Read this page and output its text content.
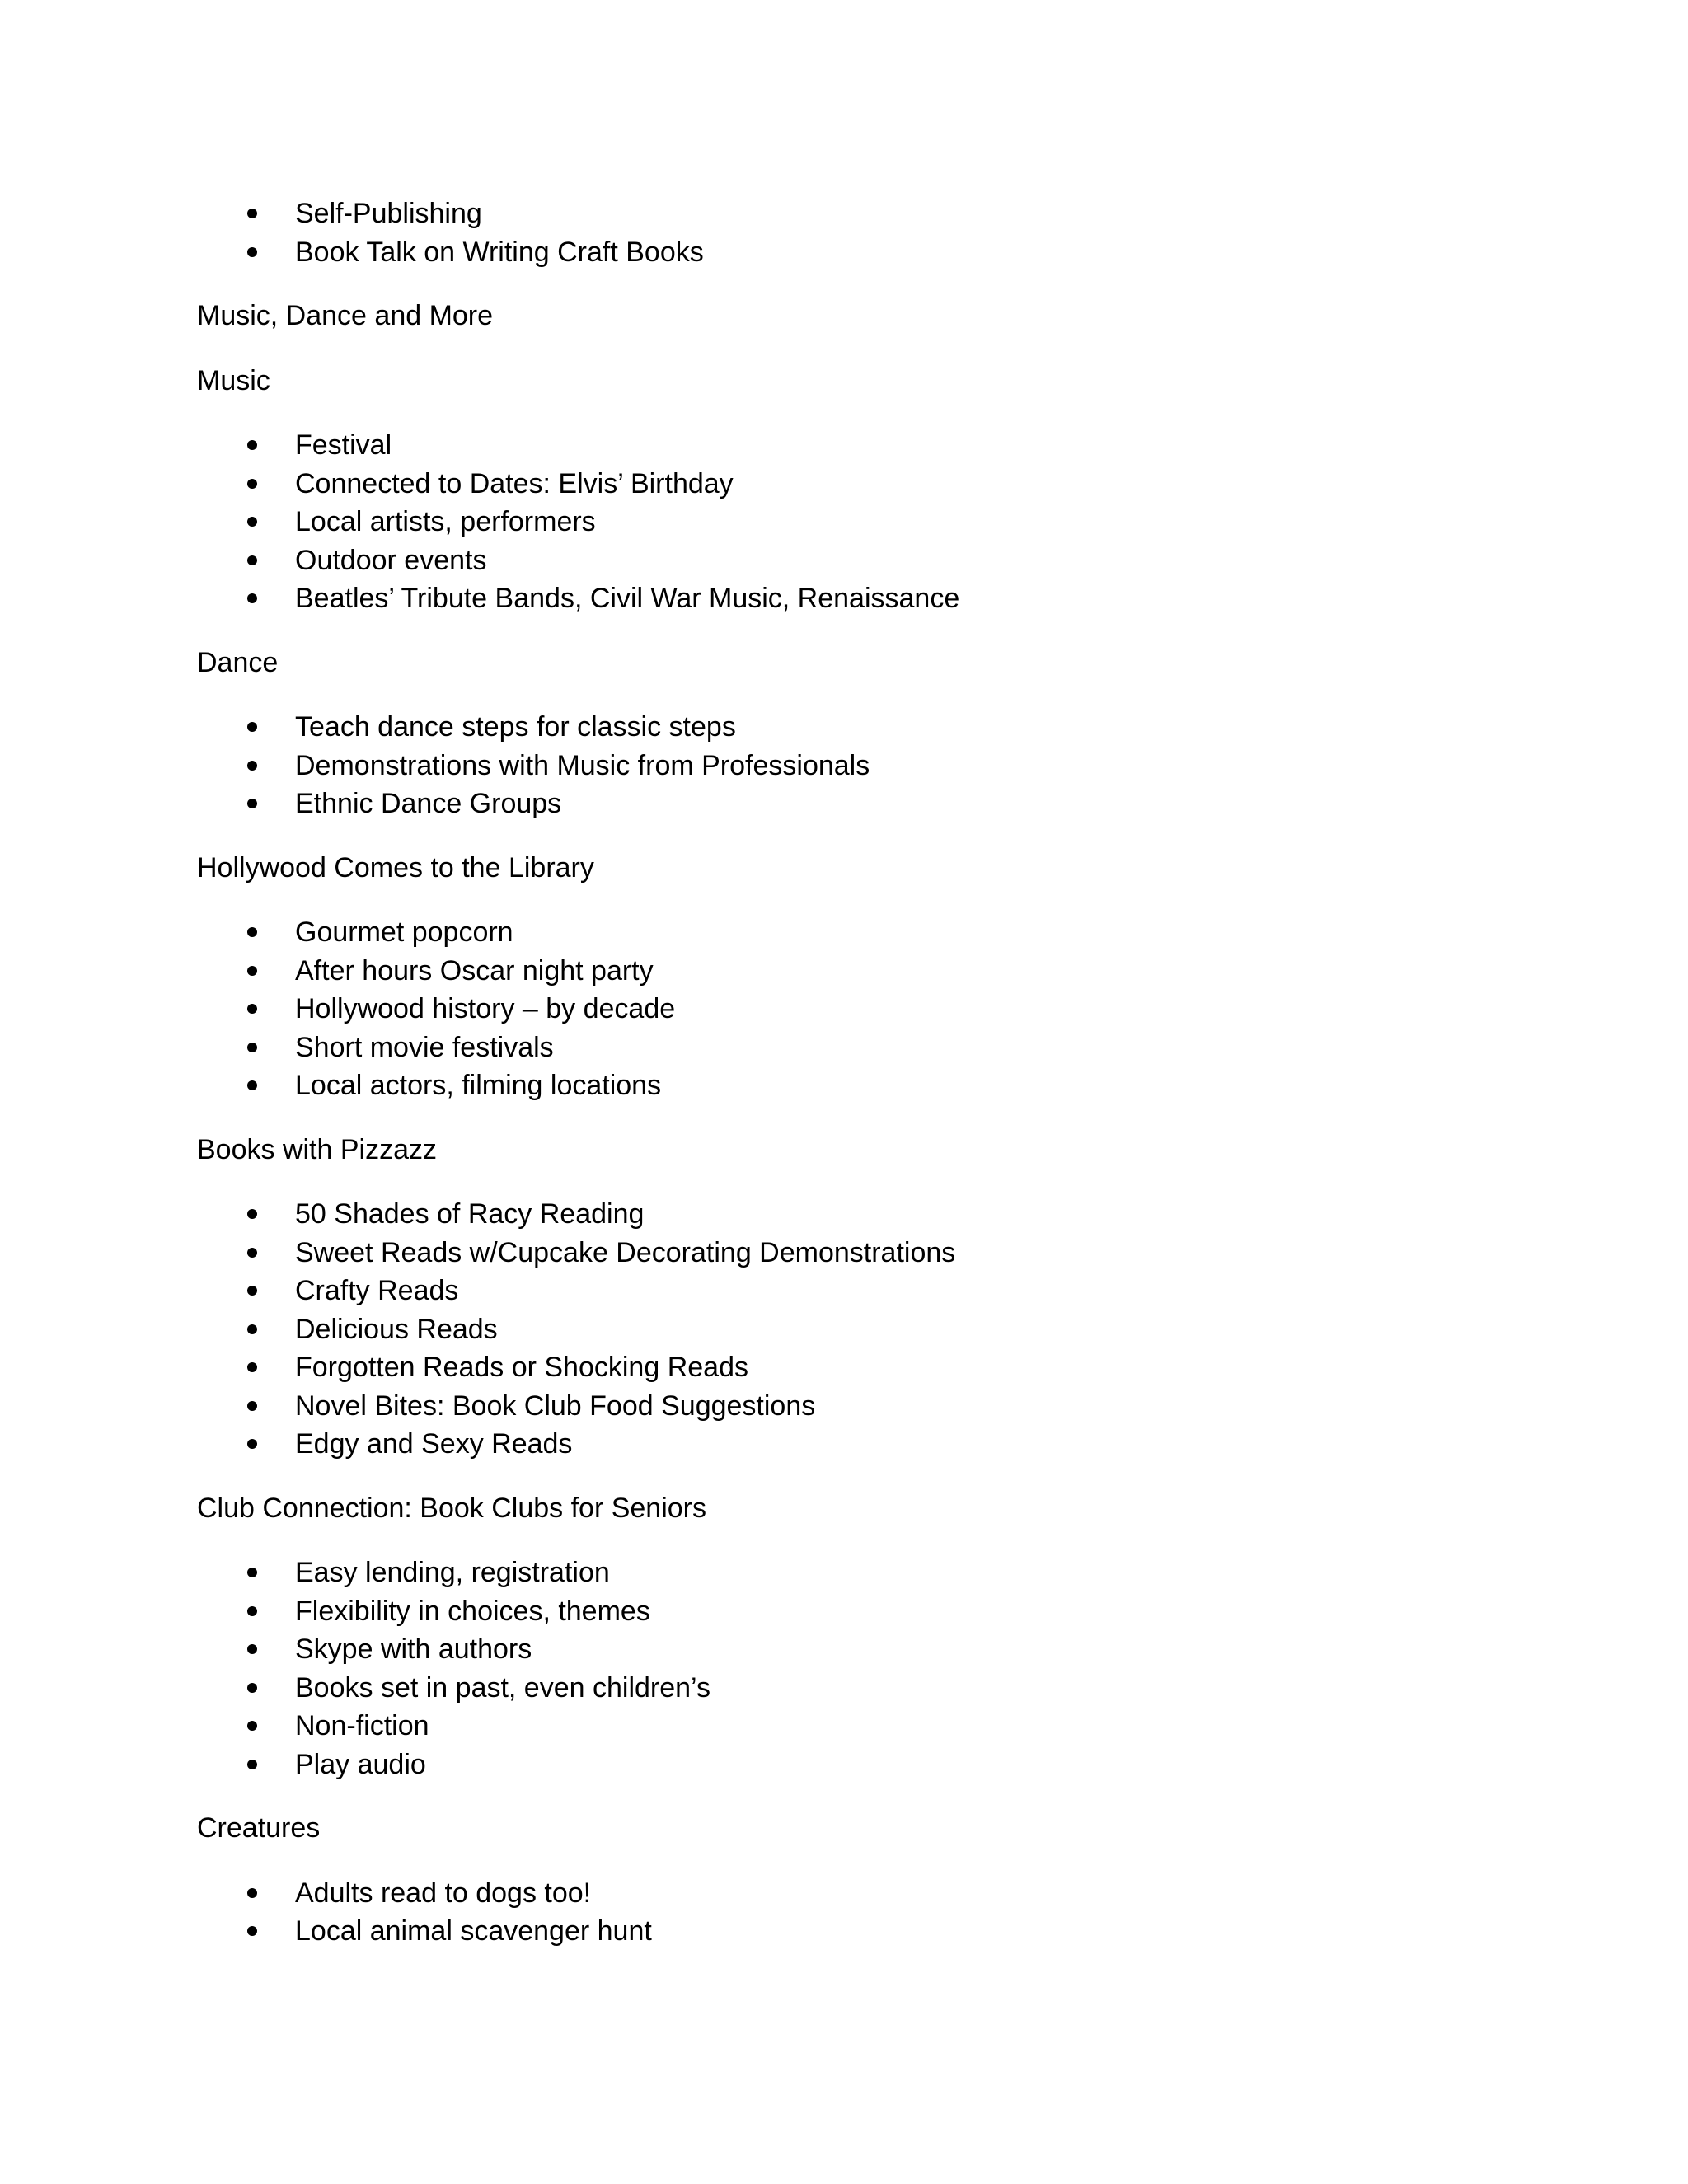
Self-Publishing
Book Talk on Writing Craft Books

Music, Dance and More

Music

Festival
Connected to Dates: Elvis’ Birthday
Local artists, performers
Outdoor events
Beatles’ Tribute Bands, Civil War Music, Renaissance

Dance

Teach dance steps for classic steps
Demonstrations with Music from Professionals
Ethnic Dance Groups

Hollywood Comes to the Library

Gourmet popcorn
After hours Oscar night party
Hollywood history – by decade
Short movie festivals
Local actors, filming locations

Books with Pizzazz

50 Shades of Racy Reading
Sweet Reads w/Cupcake Decorating Demonstrations
Crafty Reads
Delicious Reads
Forgotten Reads or Shocking Reads
Novel Bites: Book Club Food Suggestions
Edgy and Sexy Reads

Club Connection: Book Clubs for Seniors

Easy lending, registration
Flexibility in choices, themes
Skype with authors
Books set in past, even children’s
Non-fiction
Play audio

Creatures

Adults read to dogs too!
Local animal scavenger hunt
